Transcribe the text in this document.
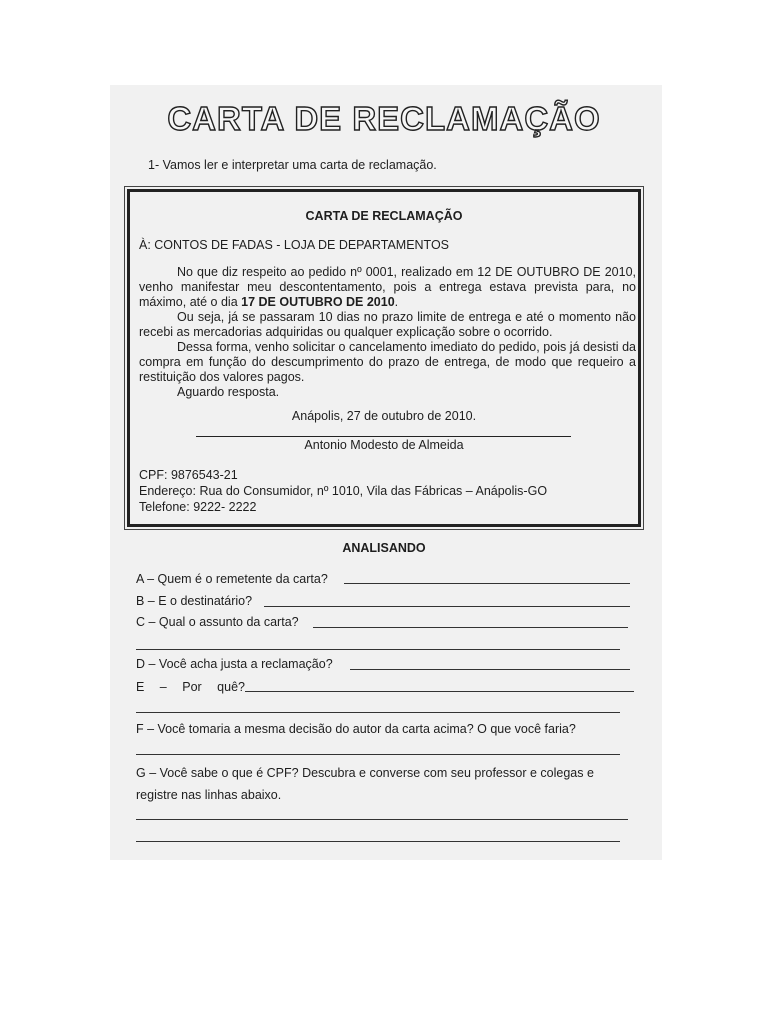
CARTA DE RECLAMAÇÃO
1- Vamos ler e interpretar uma carta de reclamação.
CARTA DE RECLAMAÇÃO
À: CONTOS DE FADAS - LOJA DE DEPARTAMENTOS

No que diz respeito ao pedido nº 0001, realizado em 12 DE OUTUBRO DE 2010, venho manifestar meu descontentamento, pois a entrega estava prevista para, no máximo, até o dia 17 DE OUTUBRO DE 2010.

Ou seja, já se passaram 10 dias no prazo limite de entrega e até o momento não recebi as mercadorias adquiridas ou qualquer explicação sobre o ocorrido.

Dessa forma, venho solicitar o cancelamento imediato do pedido, pois já desisti da compra em função do descumprimento do prazo de entrega, de modo que requeiro a restituição dos valores pagos.

Aguardo resposta.

Anápolis, 27 de outubro de 2010.
Antonio Modesto de Almeida
CPF: 9876543-21
Endereço: Rua do Consumidor, nº 1010, Vila das Fábricas – Anápolis-GO
Telefone: 9222- 2222
ANALISANDO
A – Quem é o remetente da carta?
B – E o destinatário?
C – Qual o assunto da carta?
D – Você acha justa a reclamação?
E – Por quê?
F – Você tomaria a mesma decisão do autor da carta acima? O que você faria?
G – Você sabe o que é CPF? Descubra e converse com seu professor e colegas e
registre nas linhas abaixo.
